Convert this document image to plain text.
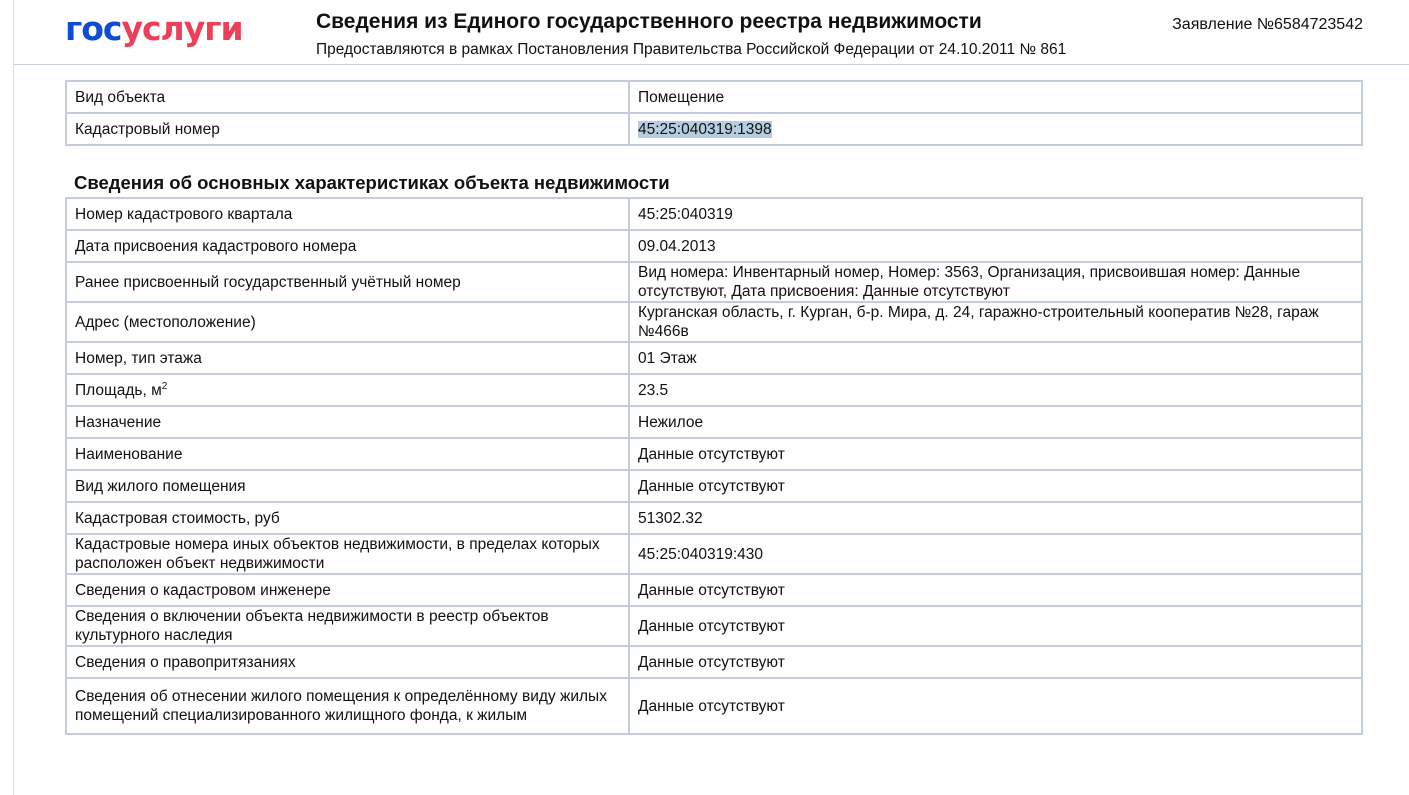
госуслуги	Сведения из Единого государственного реестра недвижимости
Предоставляются в рамках Постановления Правительства Российской Федерации от 24.10.2011 № 861
Заявление №6584723542
Вид объекта	Помещение
Кадастровый номер	45:25:040319:1398
Сведения об основных характеристиках объекта недвижимости
Номер кадастрового квартала	45:25:040319
Дата присвоения кадастрового номера	09.04.2013
Ранее присвоенный государственный учётный номер	Вид номера: Инвентарный номер, Номер: 3563, Организация, присвоившая номер: Данные отсутствуют, Дата присвоения: Данные отсутствуют
Адрес (местоположение)	Курганская область, г. Курган, б-р. Мира, д. 24, гаражно-строительный кооператив №28, гараж №466в
Номер, тип этажа	01 Этаж
Площадь, $м^2$	23.5
Назначение	Нежилое
Наименование	Данные отсутствуют
Вид жилого помещения	Данные отсутствуют
Кадастровая стоимость, руб	51302.32
Кадастровые номера иных объектов недвижимости, в пределах которых расположен объект недвижимости	45:25:040319:430
Сведения о кадастровом инженере	Данные отсутствуют
Сведения о включении объекта недвижимости в реестр объектов культурного наследия	Данные отсутствуют
Сведения о правопритязаниях	Данные отсутствуют
Сведения об отнесении жилого помещения к определённому виду жилых помещений специализированного жилищного фонда, к жилым	Данные отсутствуют
